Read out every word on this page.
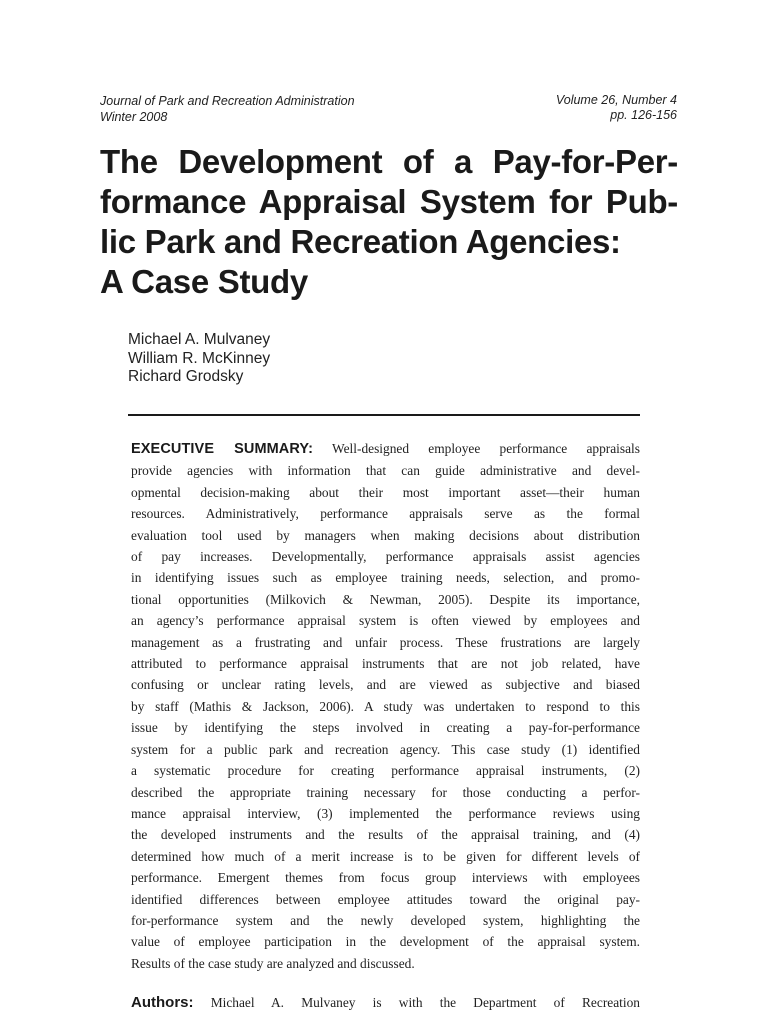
Journal of Park and Recreation Administration
Winter 2008
Volume 26, Number 4
pp. 126-156
The Development of a Pay-for-Per-
formance Appraisal System for Pub-
lic Park and Recreation Agencies:
A Case Study
Michael A. Mulvaney
William R. McKinney
Richard Grodsky
EXECUTIVE SUMMARY: Well-designed employee performance appraisals
provide agencies with information that can guide administrative and devel-
opmental decision-making about their most important asset—their human
resources. Administratively, performance appraisals serve as the formal
evaluation tool used by managers when making decisions about distribution
of pay increases. Developmentally, performance appraisals assist agencies
in identifying issues such as employee training needs, selection, and promo-
tional opportunities (Milkovich & Newman, 2005). Despite its importance,
an agency’s performance appraisal system is often viewed by employees and
management as a frustrating and unfair process. These frustrations are largely
attributed to performance appraisal instruments that are not job related, have
confusing or unclear rating levels, and are viewed as subjective and biased
by staff (Mathis & Jackson, 2006). A study was undertaken to respond to this
issue by identifying the steps involved in creating a pay-for-performance
system for a public park and recreation agency. This case study (1) identified
a systematic procedure for creating performance appraisal instruments, (2)
described the appropriate training necessary for those conducting a perfor-
mance appraisal interview, (3) implemented the performance reviews using
the developed instruments and the results of the appraisal training, and (4)
determined how much of a merit increase is to be given for different levels of
performance. Emergent themes from focus group interviews with employees
identified differences between employee attitudes toward the original pay-
for-performance system and the newly developed system, highlighting the
value of employee participation in the development of the appraisal system.
Results of the case study are analyzed and discussed.
Authors: Michael A. Mulvaney is with the Department of Recreation
